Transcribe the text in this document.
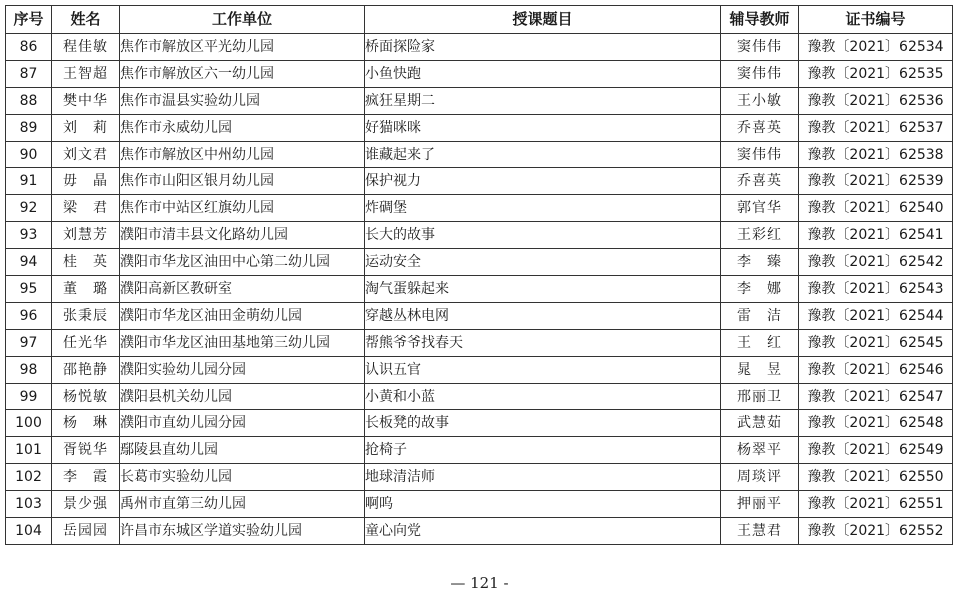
序号	姓名	工作单位	授课题目	辅导教师	证书编号
86	程佳敏	焦作市解放区平光幼儿园	桥面探险家	窦伟伟	豫教〔2021〕62534
87	王智超	焦作市解放区六一幼儿园	小鱼快跑	窦伟伟	豫教〔2021〕62535
88	樊中华	焦作市温县实验幼儿园	疯狂星期二	王小敏	豫教〔2021〕62536
89	刘　莉	焦作市永威幼儿园	好猫咪咪	乔喜英	豫教〔2021〕62537
90	刘文君	焦作市解放区中州幼儿园	谁藏起来了	窦伟伟	豫教〔2021〕62538
91	毋　晶	焦作市山阳区银月幼儿园	保护视力	乔喜英	豫教〔2021〕62539
92	梁　君	焦作市中站区红旗幼儿园	炸碉堡	郭官华	豫教〔2021〕62540
93	刘慧芳	濮阳市清丰县文化路幼儿园	长大的故事	王彩红	豫教〔2021〕62541
94	桂　英	濮阳市华龙区油田中心第二幼儿园	运动安全	李　臻	豫教〔2021〕62542
95	董　璐	濮阳高新区教研室	淘气蛋躲起来	李　娜	豫教〔2021〕62543
96	张秉辰	濮阳市华龙区油田金萌幼儿园	穿越丛林电网	雷　洁	豫教〔2021〕62544
97	任光华	濮阳市华龙区油田基地第三幼儿园	帮熊爷爷找春天	王　红	豫教〔2021〕62545
98	邵艳静	濮阳实验幼儿园分园	认识五官	晁　昱	豫教〔2021〕62546
99	杨悦敏	濮阳县机关幼儿园	小黄和小蓝	邢丽卫	豫教〔2021〕62547
100	杨　琳	濮阳市直幼儿园分园	长板凳的故事	武慧茹	豫教〔2021〕62548
101	胥锐华	鄢陵县直幼儿园	抢椅子	杨翠平	豫教〔2021〕62549
102	李　霞	长葛市实验幼儿园	地球清洁师	周琰评	豫教〔2021〕62550
103	景少强	禹州市直第三幼儿园	啊呜	押丽平	豫教〔2021〕62551
104	岳园园	许昌市东城区学道实验幼儿园	童心向党	王慧君	豫教〔2021〕62552
— 121 -
